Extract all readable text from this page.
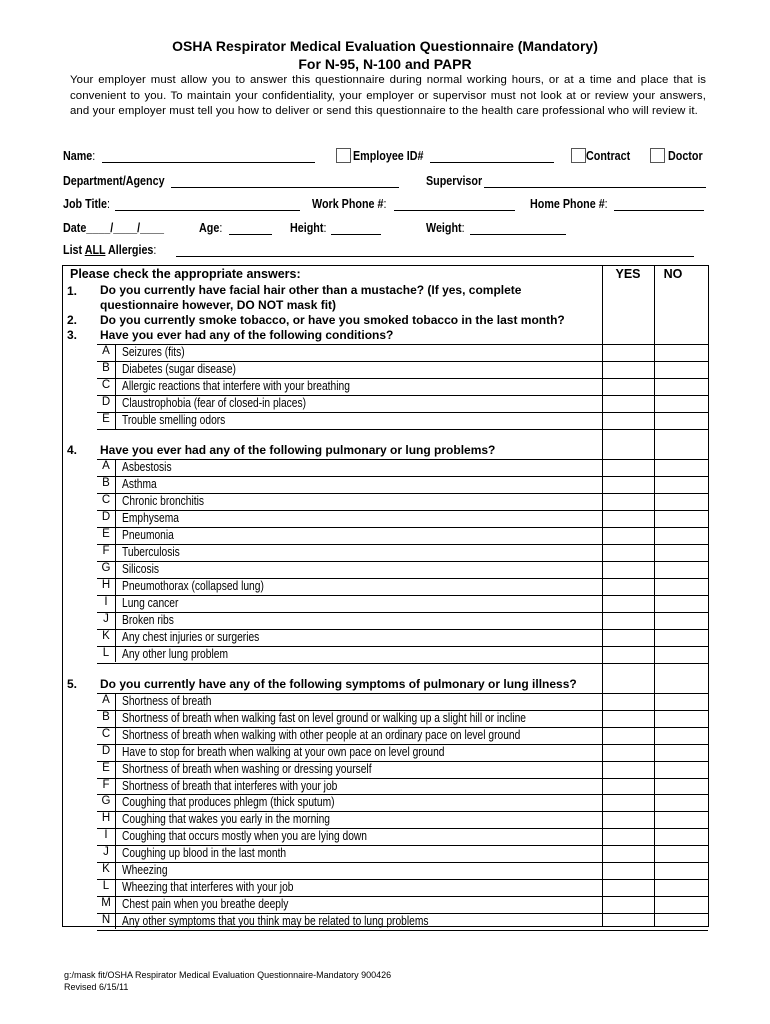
OSHA Respirator Medical Evaluation Questionnaire (Mandatory)
For N-95, N-100 and PAPR
Your employer must allow you to answer this questionnaire during normal working hours, or at a time and place that is convenient to you. To maintain your confidentiality, your employer or supervisor must not look at or review your answers, and your employer must tell you how to deliver or send this questionnaire to the health care professional who will review it.
Name:	Employee ID#	Contract	Doctor
Department/Agency	Supervisor
Job Title:	Work Phone #:	Home Phone #:
Date____/____/____	Age:	Height:	Weight:
List ALL Allergies:
Please check the appropriate answers:	YES	NO
1. Do you currently have facial hair other than a mustache? (If yes, complete questionnaire however, DO NOT mask fit)
2. Do you currently smoke tobacco, or have you smoked tobacco in the last month?
3. Have you ever had any of the following conditions?
A Seizures (fits)
B Diabetes (sugar disease)
C Allergic reactions that interfere with your breathing
D Claustrophobia (fear of closed-in places)
E Trouble smelling odors
4. Have you ever had any of the following pulmonary or lung problems?
A Asbestosis
B Asthma
C Chronic bronchitis
D Emphysema
E Pneumonia
F Tuberculosis
G Silicosis
H Pneumothorax (collapsed lung)
I	Lung cancer
J	Broken ribs
K Any chest injuries or surgeries
L	Any other lung problem
5. Do you currently have any of the following symptoms of pulmonary or lung illness?
A Shortness of breath
B Shortness of breath when walking fast on level ground or walking up a slight hill or incline
C Shortness of breath when walking with other people at an ordinary pace on level ground
D Have to stop for breath when walking at your own pace on level ground
E Shortness of breath when washing or dressing yourself
F Shortness of breath that interferes with your job
G Coughing that produces phlegm (thick sputum)
H Coughing that wakes you early in the morning
I	Coughing that occurs mostly when you are lying down
J	Coughing up blood in the last month
K Wheezing
L	Wheezing that interferes with your job
M Chest pain when you breathe deeply
N Any other symptoms that you think may be related to lung problems
g:/mask fit/OSHA Respirator Medical Evaluation Questionnaire-Mandatory 900426
Revised 6/15/11
